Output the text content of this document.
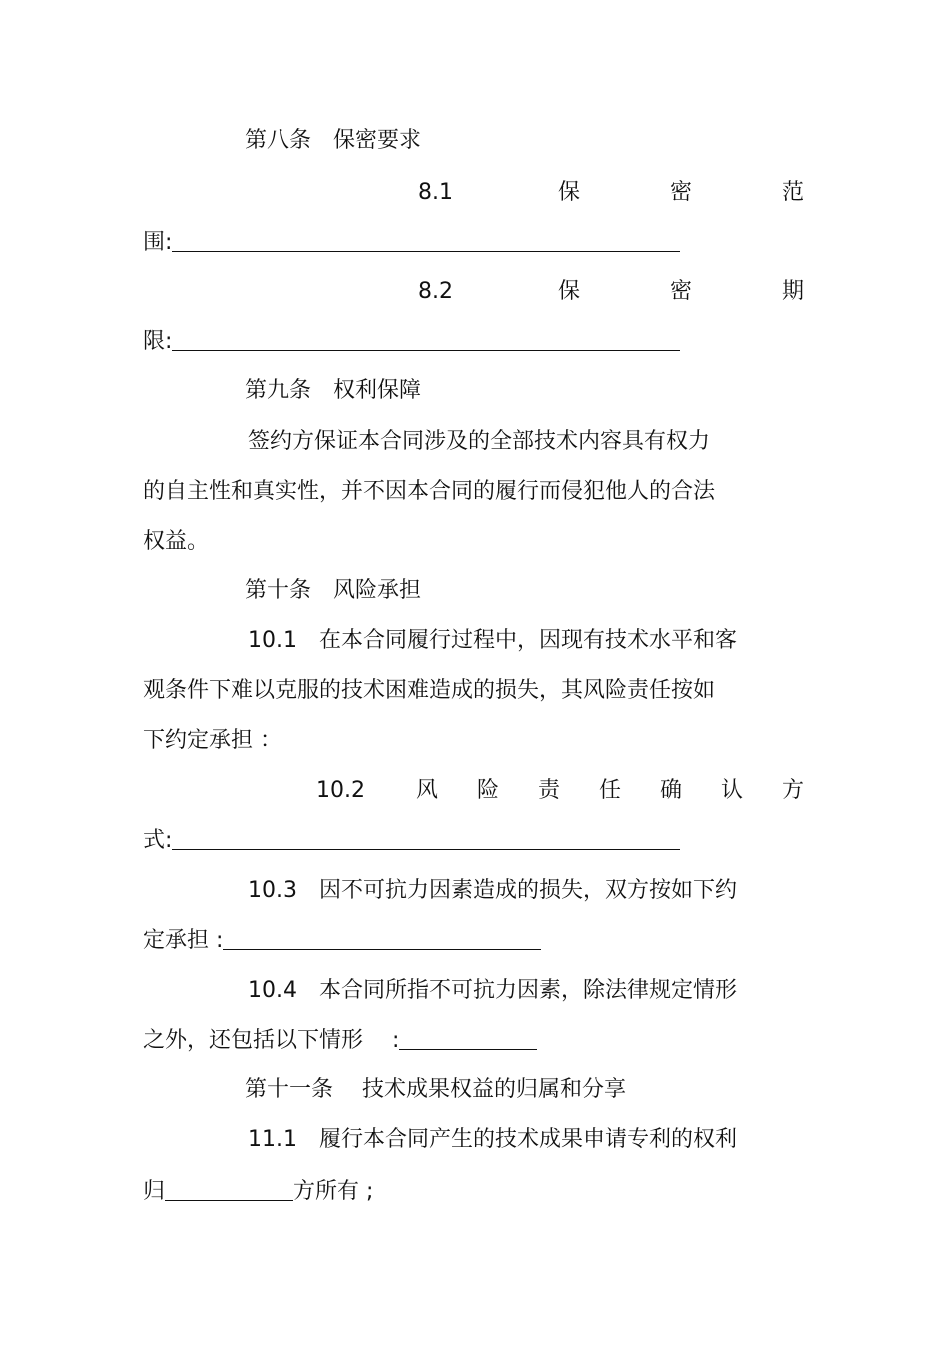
第八条　保密要求
8.1	保	密	范
围:
8.2	保	密	期
限:
第九条　权利保障
签约方保证本合同涉及的全部技术内容具有权力
的自主性和真实性，并不因本合同的履行而侵犯他人的合法
权益。
第十条　风险承担
10.1　在本合同履行过程中，因现有技术水平和客
观条件下难以克服的技术困难造成的损失，其风险责任按如
下约定承担 ：
10.2 风 险 责 任 确 认 方
式:
10.3　因不可抗力因素造成的损失，双方按如下约
定承担 :
10.4　本合同所指不可抗力因素，除法律规定情形
之外，还包括以下情形　 :
第十一条　 技术成果权益的归属和分享
11.1　履行本合同产生的技术成果申请专利的权利
归	方所有 ;
